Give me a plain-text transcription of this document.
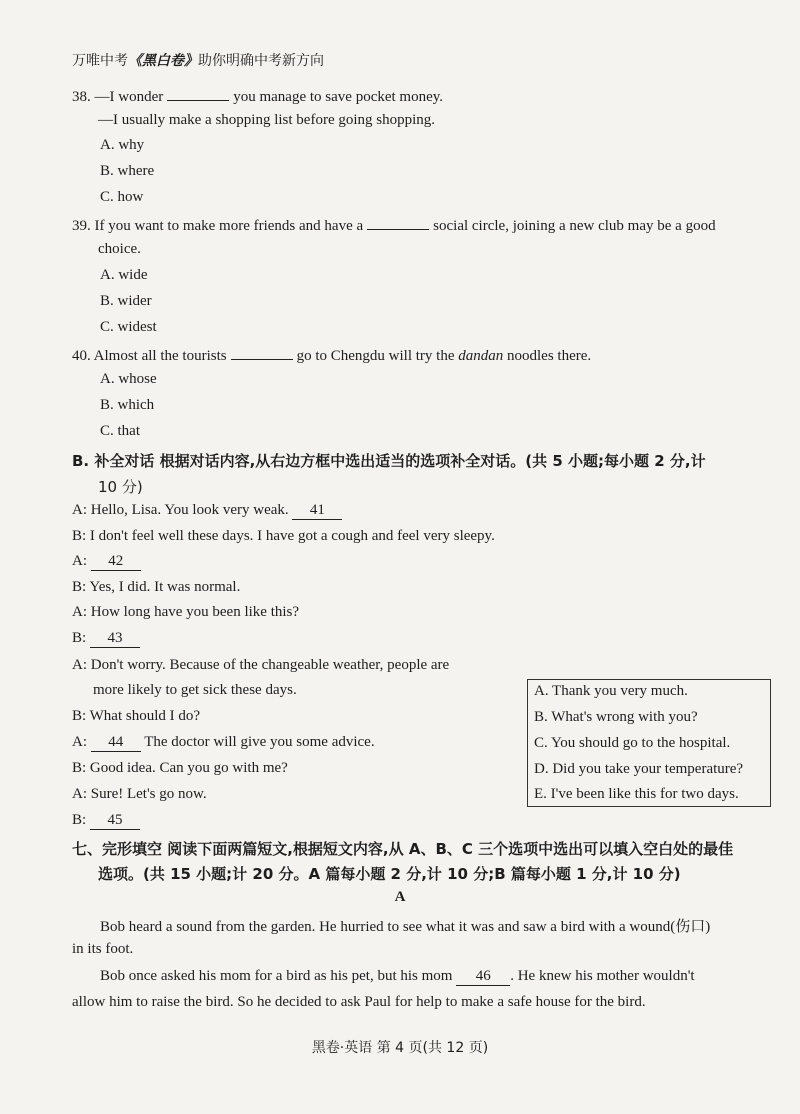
万唯中考《黑白卷》助你明确中考新方向
38. —I wonder	you manage to save pocket money.
—I usually make a shopping list before going shopping.
A. why
B. where
C. how
39. If you want to make more friends and have a	social circle, joining a new club may be a good
choice.
A. wide
B. wider
C. widest
40. Almost all the tourists	go to Chengdu will try the dandan noodles there.
A. whose
B. which
C. that
B. 补全对话 根据对话内容,从右边方框中选出适当的选项补全对话。(共 5 小题;每小题 2 分,计
10 分)
A: Hello, Lisa. You look very weak. 41
B: I don't feel well these days. I have got a cough and feel very sleepy.
A: 42
B: Yes, I did. It was normal.
A: How long have you been like this?
B: 43
A: Don't worry. Because of the changeable weather, people are
more likely to get sick these days.
B: What should I do?
A: 44 The doctor will give you some advice.
B: Good idea. Can you go with me?
A: Sure! Let's go now.
B: 45
A. Thank you very much.
B. What's wrong with you?
C. You should go to the hospital.
D. Did you take your temperature?
E. I've been like this for two days.
七、完形填空 阅读下面两篇短文,根据短文内容,从 A、B、C 三个选项中选出可以填入空白处的最佳
选项。(共 15 小题;计 20 分。A 篇每小题 2 分,计 10 分;B 篇每小题 1 分,计 10 分)
A
Bob heard a sound from the garden. He hurried to see what it was and saw a bird with a wound(伤口)
in its foot.
Bob once asked his mom for a bird as his pet, but his mom 46 . He knew his mother wouldn't
allow him to raise the bird. So he decided to ask Paul for help to make a safe house for the bird.
黑卷·英语 第 4 页(共 12 页)
